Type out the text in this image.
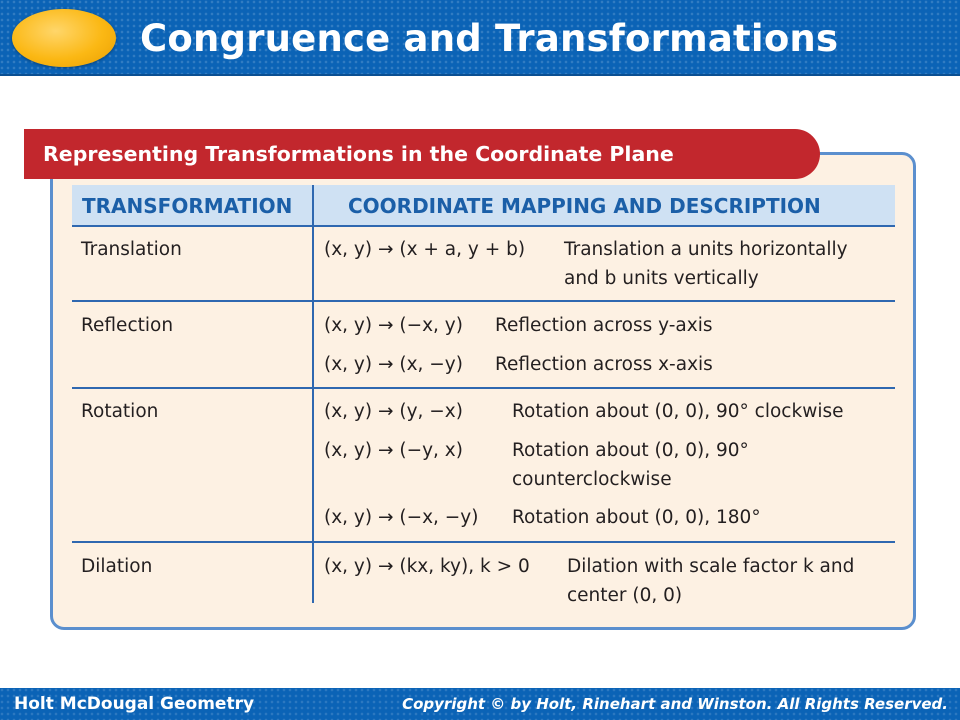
Congruence and Transformations
Representing Transformations in the Coordinate Plane
TRANSFORMATION	COORDINATE MAPPING AND DESCRIPTION
Translation	(x, y) → (x + a, y + b) Translation a units horizontally
and b units vertically
Reflection	(x, y) → (−x, y) Reflection across y-axis
(x, y) → (x, −y) Reflection across x-axis
Rotation	(x, y) → (y, −x)	Rotation about (0, 0), 90° clockwise
(x, y) → (−y, x)	Rotation about (0, 0), 90°
counterclockwise
(x, y) → (−x, −y) Rotation about (0, 0), 180°
Dilation	(x, y) → (kx, ky), k > 0 Dilation with scale factor k and
center (0, 0)
Holt McDougal Geometry	Copyright © by Holt, Rinehart and Winston. All Rights Reserved.
